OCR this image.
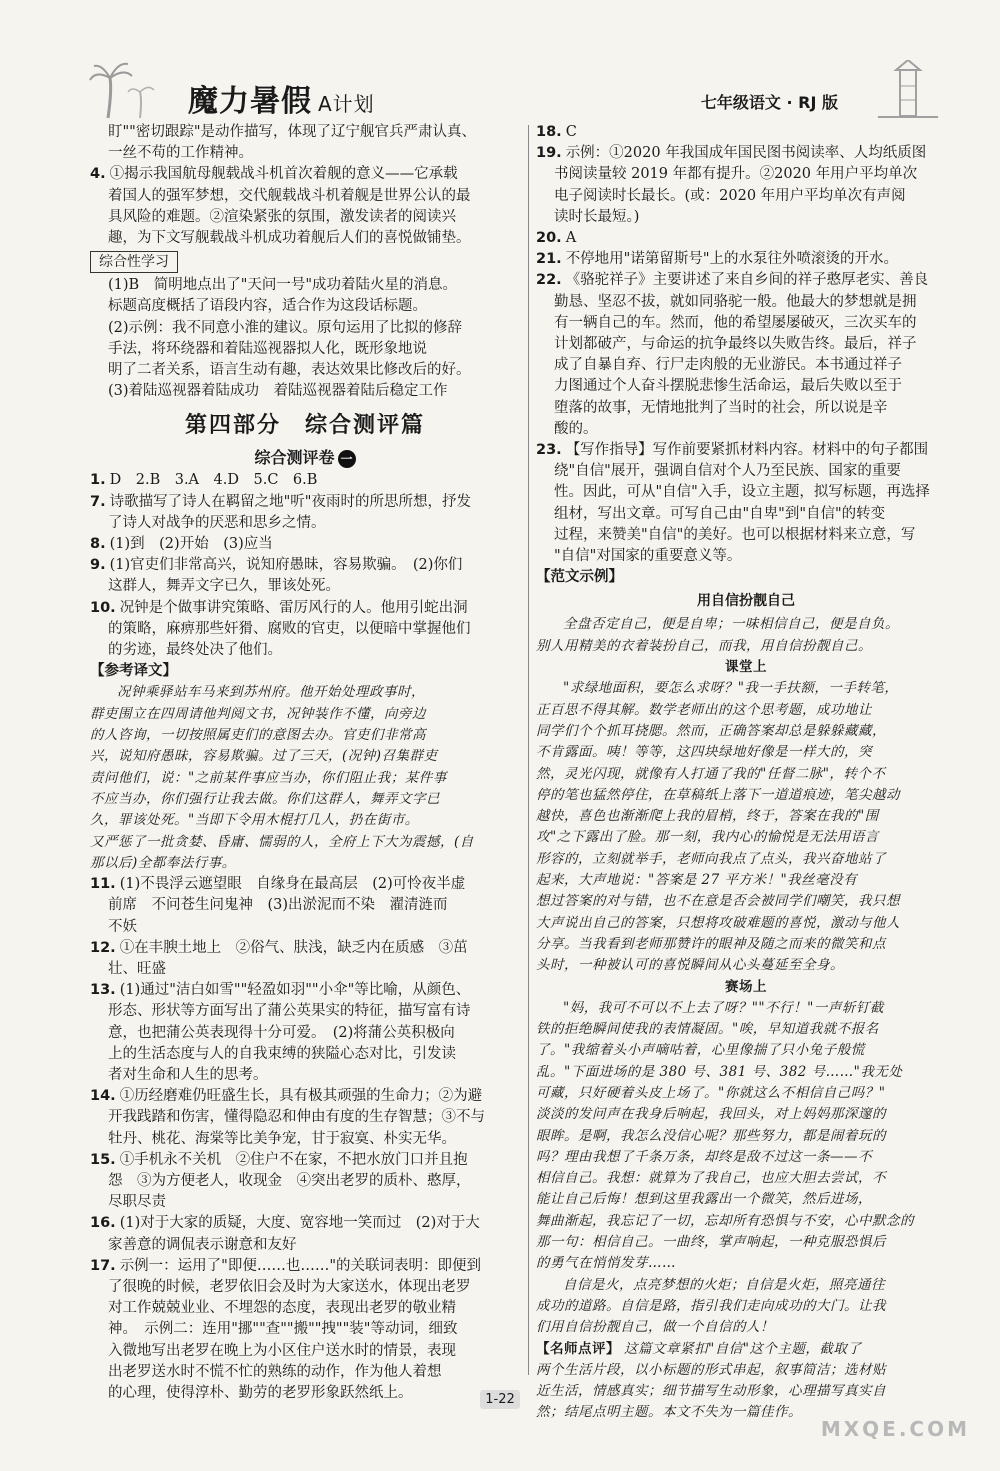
魔力暑假 A计划	七年级语文 · RJ 版

盯""密切跟踪"是动作描写，体现了辽宁舰官兵严肃认真、

一丝不苟的工作精神。

4. ①揭示我国航母舰载战斗机首次着舰的意义——它承载

着国人的强军梦想，交代舰载战斗机着舰是世界公认的最

具风险的难题。②渲染紧张的氛围，激发读者的阅读兴

趣，为下文写舰载战斗机成功着舰后人们的喜悦做铺垫。

综合性学习

(1)B　简明地点出了"天问一号"成功着陆火星的消息。

标题高度概括了语段内容，适合作为这段话标题。

(2)示例：我不同意小淮的建议。原句运用了比拟的修辞

手法，将环绕器和着陆巡视器拟人化，既形象地说

明了二者关系，语言生动有趣，表达效果比修改后的好。

(3)着陆巡视器着陆成功　着陆巡视器着陆后稳定工作

第四部分　综合测评篇
综合测评卷 一

1. D　2.B　3.A　4.D　5.C　6.B

7. 诗歌描写了诗人在羁留之地"听"夜雨时的所思所想，抒发

了诗人对战争的厌恶和思乡之情。

8. (1)到　(2)开始　(3)应当

9. (1)官吏们非常高兴，说知府愚昧，容易欺骗。　(2)你们

这群人，舞弄文字已久，罪该处死。

10. 况钟是个做事讲究策略、雷厉风行的人。他用引蛇出洞

的策略，麻痹那些奸猾、腐败的官吏，以便暗中掌握他们

的劣迹，最终处决了他们。

【参考译文】

况钟乘驿站车马来到苏州府。他开始处理政事时，

群吏围立在四周请他判阅文书，况钟装作不懂，向旁边

的人咨询，一切按照属吏们的意图去办。官吏们非常高

兴，说知府愚昧，容易欺骗。过了三天，(况钟)召集群吏

责问他们，说："之前某件事应当办，你们阻止我；某件事

不应当办，你们强行让我去做。你们这群人，舞弄文字已

久，罪该处死。"当即下令用木棍打几人，扔在街市。

又严惩了一批贪婪、昏庸、懦弱的人，全府上下大为震撼，(自

那以后)全都奉法行事。

11. (1)不畏浮云遮望眼　自缘身在最高层　(2)可怜夜半虚

前席　不问苍生问鬼神　(3)出淤泥而不染　濯清涟而

不妖

12. ①在丰腴土地上　②俗气、肤浅，缺乏内在质感　③茁

壮、旺盛

13. (1)通过"洁白如雪""轻盈如羽""小伞"等比喻，从颜色、

形态、形状等方面写出了蒲公英果实的特征，描写富有诗

意，也把蒲公英表现得十分可爱。　(2)将蒲公英积极向

上的生活态度与人的自我束缚的狭隘心态对比，引发读

者对生命和人生的思考。

14. ①历经磨难仍旺盛生长，具有极其顽强的生命力；②为避

开我践踏和伤害，懂得隐忍和伸由有度的生存智慧；③不与

牡丹、桃花、海棠等比美争宠，甘于寂寞、朴实无华。

15. ①手机永不关机　②住户不在家，不把水放门口并且抱

怨　③为方便老人，收现金　④突出老罗的质朴、憨厚，

尽职尽责

16. (1)对于大家的质疑，大度、宽容地一笑而过　(2)对于大

家善意的调侃表示谢意和友好

17. 示例一：运用了"即便……也……"的关联词表明：即便到

了很晚的时候，老罗依旧会及时为大家送水，体现出老罗

对工作兢兢业业、不埋怨的态度，表现出老罗的敬业精

神。　示例二：连用"挪""查""搬""拽""装"等动词，细致

入微地写出老罗在晚上为小区住户送水时的情景，表现

出老罗送水时不慌不忙的熟练的动作，作为他人着想

的心理，使得淳朴、勤劳的老罗形象跃然纸上。

18. C

19. 示例：①2020 年我国成年国民图书阅读率、人均纸质图

书阅读量较 2019 年都有提升。②2020 年用户平均单次

电子阅读时长最长。(或：2020 年用户平均单次有声阅

读时长最短。)

20. A

21. 不停地用"诺第留斯号"上的水泵往外喷滚烫的开水。

22. 《骆驼祥子》主要讲述了来自乡间的祥子憨厚老实、善良

勤恳、坚忍不拔，就如同骆驼一般。他最大的梦想就是拥

有一辆自己的车。然而，他的希望屡屡破灭，三次买车的

计划都破产，与命运的抗争最终以失败告终。最后，祥子

成了自暴自弃、行尸走肉般的无业游民。本书通过祥子

力图通过个人奋斗摆脱悲惨生活命运，最后失败以至于

堕落的故事，无情地批判了当时的社会，所以说是辛

酸的。

23. 【写作指导】写作前要紧抓材料内容。材料中的句子都围

绕"自信"展开，强调自信对个人乃至民族、国家的重要

性。因此，可从"自信"入手，设立主题，拟写标题，再选择

组材，写出文章。可写自己由"自卑"到"自信"的转变

过程，来赞美"自信"的美好。也可以根据材料来立意，写

"自信"对国家的重要意义等。

【范文示例】

用自信扮靓自己

全盘否定自己，便是自卑；一味相信自己，便是自负。

别人用精美的衣着装扮自己，而我，用自信扮靓自己。

课堂上

"求绿地面积，要怎么求呀？"我一手扶额，一手转笔，

正百思不得其解。数学老师出的这个思考题，成功地让

同学们个个抓耳挠腮。然而，正确答案却总是躲躲藏藏，

不肯露面。咦！等等，这四块绿地好像是一样大的，突

然，灵光闪现，就像有人打通了我的"任督二脉"，转个不

停的笔也猛然停住，在草稿纸上落下一道道痕迹，笔尖越动

越快，喜色也渐渐爬上我的眉梢，终于，答案在我的"围

攻"之下露出了脸。那一刻，我内心的愉悦是无法用语言

形容的，立刻就举手，老师向我点了点头，我兴奋地站了

起来，大声地说："答案是 27 平方米！"我丝毫没有

想过答案的对与错，也不在意是否会被同学们嘲笑，我只想

大声说出自己的答案，只想将攻破难题的喜悦，激动与他人

分享。当我看到老师那赞许的眼神及随之而来的微笑和点

头时，一种被认可的喜悦瞬间从心头蔓延至全身。

赛场上

"妈，我可不可以不上去了呀？""不行！"一声斩钉截

铁的拒绝瞬间使我的表情凝固。"唉，早知道我就不报名

了。"我缩着头小声嘀咕着，心里像揣了只小兔子般慌

乱。"下面进场的是 380 号、381 号、382 号……"我无处

可藏，只好硬着头皮上场了。"你就这么不相信自己吗？"

淡淡的发问声在我身后响起，我回头，对上妈妈那深邃的

眼眸。是啊，我怎么没信心呢？那些努力，都是闹着玩的

吗？理由我想了千条万条，却终是敌不过这一条——不

相信自己。我想：就算为了我自己，也应大胆去尝试，不

能让自己后悔！想到这里我露出一个微笑，然后进场，

舞曲渐起，我忘记了一切，忘却所有恐惧与不安，心中默念的

那一句：相信自己。一曲终，掌声响起，一种克服恐惧后

的勇气在悄悄发芽……

自信是火，点亮梦想的火炬；自信是火炬，照亮通往

成功的道路。自信是路，指引我们走向成功的大门。让我

们用自信扮靓自己，做一个自信的人！

【名师点评】 这篇文章紧扣"自信"这个主题，截取了

两个生活片段，以小标题的形式串起，叙事简洁；选材贴

近生活，情感真实；细节描写生动形象，心理描写真实自

然；结尾点明主题。本文不失为一篇佳作。

1-22
MXQE.COM
